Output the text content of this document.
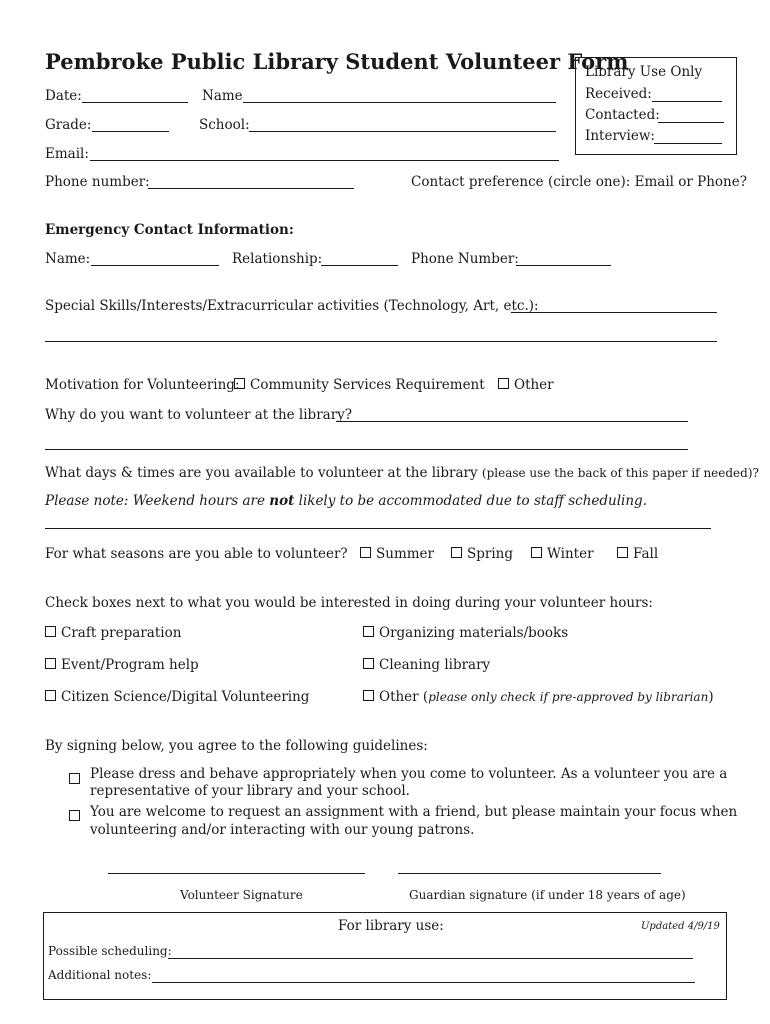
Pembroke Public Library Student Volunteer Form
Library Use Only
Received:
Contacted:
Interview:
Date:	Name
Grade:	School:
Email:
Phone number:	Contact preference (circle one): Email or Phone?
Emergency Contact Information:
Name:	Relationship:	Phone Number:
Special Skills/Interests/Extracurricular activities (Technology, Art, etc.):
Motivation for Volunteering: Community Services Requirement	Other
Why do you want to volunteer at the library?
What days & times are you available to volunteer at the library (please use the back of this paper if needed)?
Please note: Weekend hours are not likely to be accommodated due to staff scheduling.
For what seasons are you able to volunteer?	Summer	Spring	Winter	Fall
Check boxes next to what you would be interested in doing during your volunteer hours:
Craft preparation	Organizing materials/books
Event/Program help	Cleaning library
Citizen Science/Digital Volunteering	Other (please only check if pre-approved by librarian)
By signing below, you agree to the following guidelines:
Please dress and behave appropriately when you come to volunteer. As a volunteer you are a
representative of your library and your school.
You are welcome to request an assignment with a friend, but please maintain your focus when
volunteering and/or interacting with our young patrons.
Volunteer Signature	Guardian signature (if under 18 years of age)
For library use:	Updated 4/9/19
Possible scheduling:
Additional notes:
